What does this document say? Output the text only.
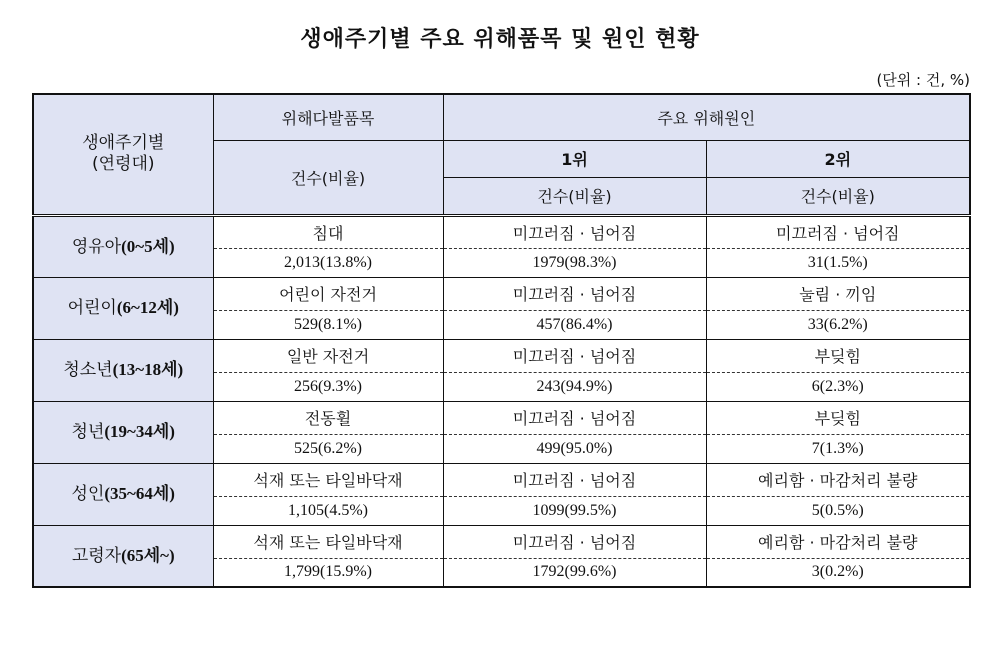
생애주기별 주요 위해품목 및 원인 현황
(단위 : 건, %)
생애주기별
(연령대)	위해다발품목	주요 위해원인	
	건수(비율)	1위	2위
		건수(비율)	건수(비율)
영유아(0~5세)	침대	미끄러짐 · 넘어짐	미끄러짐 · 넘어짐
	2,013(13.8%)	1979(98.3%)	31(1.5%)
어린이(6~12세)	어린이 자전거	미끄러짐 · 넘어짐	눌림 · 끼임
	529(8.1%)	457(86.4%)	33(6.2%)
청소년(13~18세)	일반 자전거	미끄러짐 · 넘어짐	부딪힘
	256(9.3%)	243(94.9%)	6(2.3%)
청년(19~34세)	전동휠	미끄러짐 · 넘어짐	부딪힘
	525(6.2%)	499(95.0%)	7(1.3%)
성인(35~64세)	석재 또는 타일바닥재	미끄러짐 · 넘어짐	예리함 · 마감처리 불량
	1,105(4.5%)	1099(99.5%)	5(0.5%)
고령자(65세~)	석재 또는 타일바닥재	미끄러짐 · 넘어짐	예리함 · 마감처리 불량
	1,799(15.9%)	1792(99.6%)	3(0.2%)
